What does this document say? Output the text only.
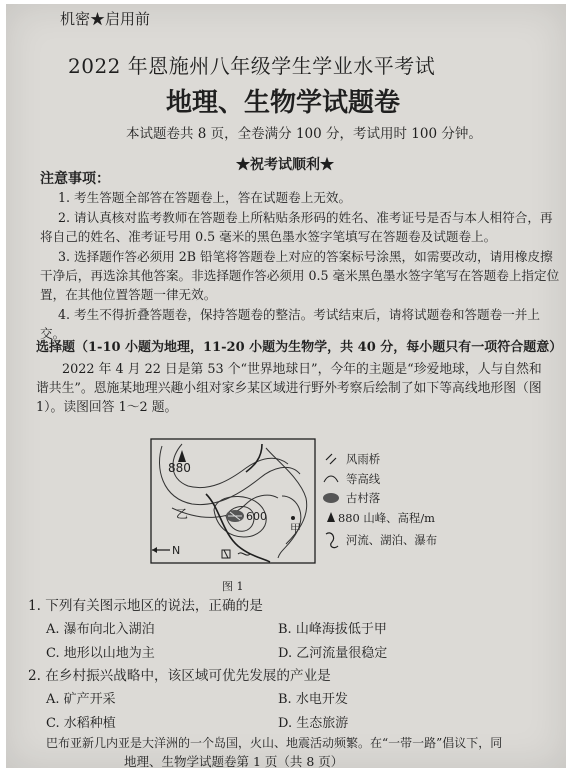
机密★启用前
2022 年恩施州八年级学生学业水平考试
地理、生物学试题卷
本试题卷共 8 页，全卷满分 100 分，考试用时 100 分钟。
★祝考试顺利★
注意事项：
1. 考生答题全部答在答题卷上，答在试题卷上无效。
2. 请认真核对监考教师在答题卷上所粘贴条形码的姓名、准考证号是否与本人相符合，再将自己的姓名、准考证号用 0.5 毫米的黑色墨水签字笔填写在答题卷及试题卷上。
3. 选择题作答必须用 2B 铅笔将答题卷上对应的答案标号涂黑，如需要改动，请用橡皮擦干净后，再选涂其他答案。非选择题作答必须用 0.5 毫米黑色墨水签字笔写在答题卷上指定位置，在其他位置答题一律无效。
4. 考生不得折叠答题卷，保持答题卷的整洁。考试结束后，请将试题卷和答题卷一并上交。
选择题（1-10 小题为地理，11-20 小题为生物学，共 40 分，每小题只有一项符合题意）
2022 年 4 月 22 日是第 53 个“世界地球日”，今年的主题是“珍爱地球，人与自然和谐共生”。恩施某地理兴趣小组对家乡某区域进行野外考察后绘制了如下等高线地形图（图 1）。读图回答 1～2 题。
880
600
乙
甲
N
风雨桥
等高线
古村落
880 山峰、高程/m
河流、湖泊、瀑布
图 1
1. 下列有关图示地区的说法，正确的是
A. 瀑布向北入湖泊	B. 山峰海拔低于甲
C. 地形以山地为主	D. 乙河流量很稳定
2. 在乡村振兴战略中，该区域可优先发展的产业是
A. 矿产开采	B. 水电开发
C. 水稻种植	D. 生态旅游
巴布亚新几内亚是大洋洲的一个岛国，火山、地震活动频繁。在“一带一路”倡议下，同
地理、生物学试题卷第 1 页（共 8 页）
